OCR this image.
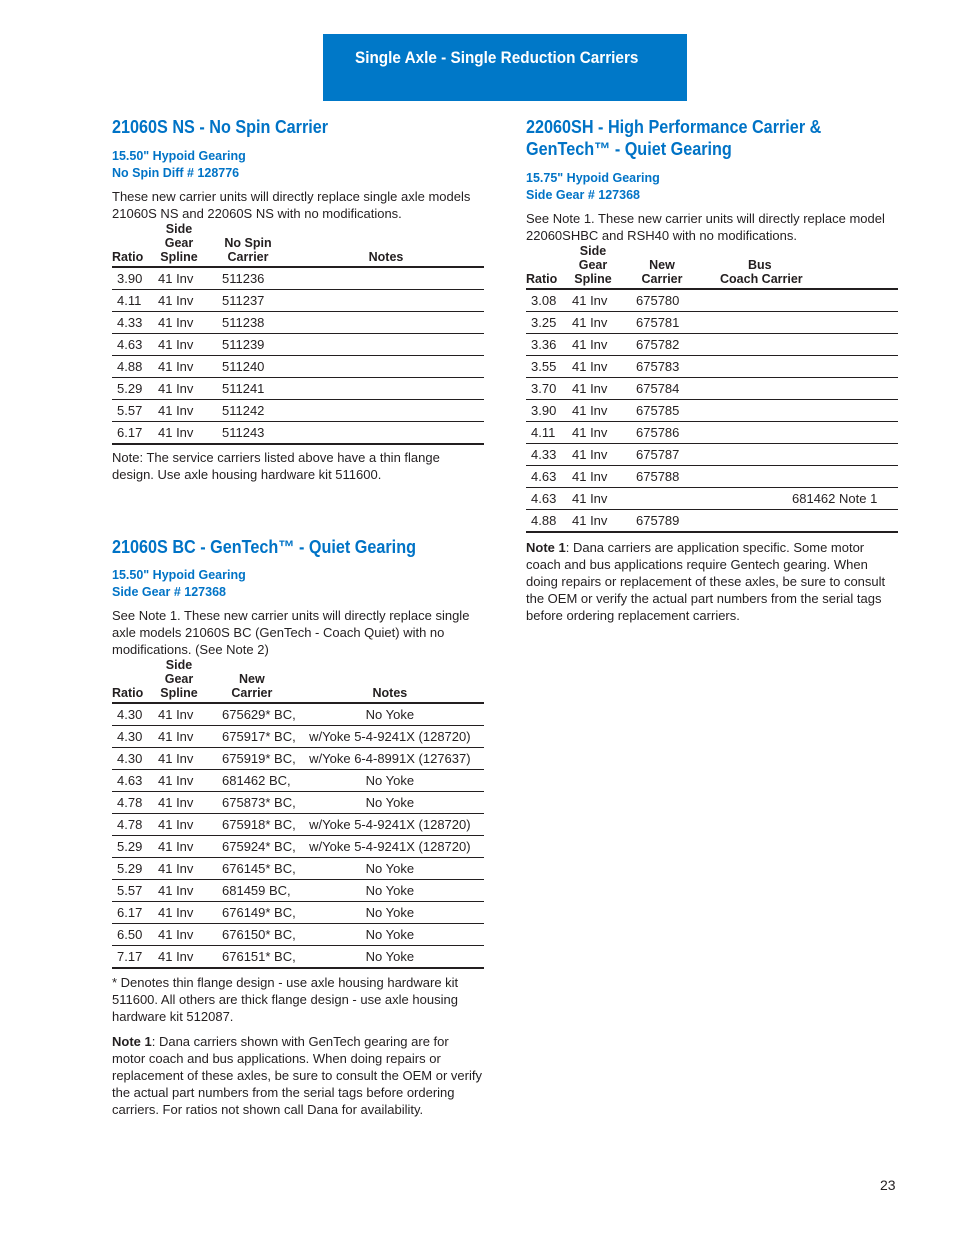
Single Axle - Single Reduction Carriers
21060S NS - No Spin Carrier
15.50" Hypoid Gearing
No Spin Diff # 128776

These new carrier units will directly replace single axle models 21060S NS and 22060S NS with no modifications.

Ratio	Side Gear
Spline	No Spin
Carrier	Notes
3.90	41 Inv	511236	
4.11	41 Inv	511237	
4.33	41 Inv	511238	
4.63	41 Inv	511239	
4.88	41 Inv	511240	
5.29	41 Inv	511241	
5.57	41 Inv	511242	
6.17	41 Inv	511243	

Note: The service carriers listed above have a thin flange design. Use axle housing hardware kit 511600.

21060S BC - GenTech™ - Quiet Gearing
15.50" Hypoid Gearing
Side Gear # 127368

See Note 1. These new carrier units will directly replace single axle models 21060S BC (GenTech - Coach Quiet) with no modifications. (See Note 2)

Ratio	Side Gear
Spline	New
Carrier	Notes
4.30	41 Inv	675629* BC,	No Yoke
4.30	41 Inv	675917* BC,	w/Yoke 5-4-9241X (128720)
4.30	41 Inv	675919* BC,	w/Yoke 6-4-8991X (127637)
4.63	41 Inv	681462 BC,	No Yoke
4.78	41 Inv	675873* BC,	No Yoke
4.78	41 Inv	675918* BC,	w/Yoke 5-4-9241X (128720)
5.29	41 Inv	675924* BC,	w/Yoke 5-4-9241X (128720)
5.29	41 Inv	676145* BC,	No Yoke
5.57	41 Inv	681459 BC,	No Yoke
6.17	41 Inv	676149* BC,	No Yoke
6.50	41 Inv	676150* BC,	No Yoke
7.17	41 Inv	676151* BC,	No Yoke

* Denotes thin flange design - use axle housing hardware kit 511600. All others are thick flange design - use axle housing hardware kit 512087.

Note 1: Dana carriers shown with GenTech gearing are for motor coach and bus applications. When doing repairs or replacement of these axles, be sure to consult the OEM or verify the actual part numbers from the serial tags before ordering carriers. For ratios not shown call Dana for availability.

22060SH - High Performance Carrier &
GenTech™ - Quiet Gearing
15.75" Hypoid Gearing
Side Gear # 127368

See Note 1. These new carrier units will directly replace model 22060SHBC and RSH40 with no modifications.

Ratio	Side Gear
Spline	New
Carrier	Bus
Coach Carrier
3.08	41 Inv	675780	
3.25	41 Inv	675781	
3.36	41 Inv	675782	
3.55	41 Inv	675783	
3.70	41 Inv	675784	
3.90	41 Inv	675785	
4.11	41 Inv	675786	
4.33	41 Inv	675787	
4.63	41 Inv	675788	
4.63	41 Inv		681462 Note 1
4.88	41 Inv	675789	

Note 1: Dana carriers are application specific. Some motor coach and bus applications require Gentech gearing. When doing repairs or replacement of these axles, be sure to consult the OEM or verify the actual part numbers from the serial tags before ordering replacement carriers.

23
